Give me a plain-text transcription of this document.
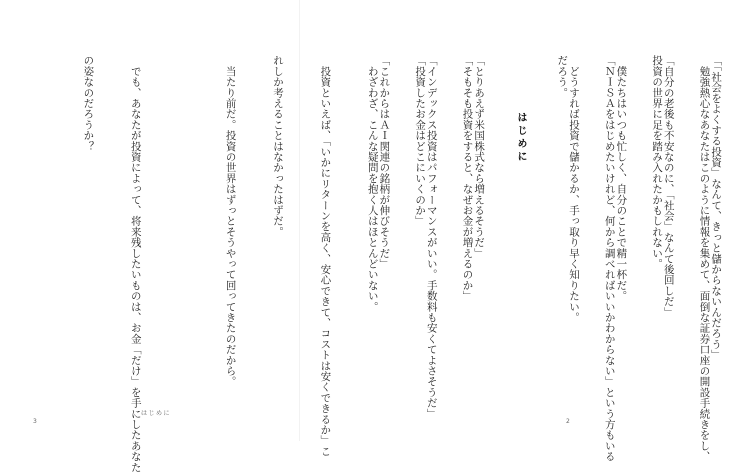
はじめに

	「「社会をよくする投資」なんて、きっと儲からないんだろう」

「自分の老後も不安なのに、「社会」なんて後回しだ」

　僕たちはいつも忙しく、自分のことで精一杯だ。

　どうすれば投資で儲かるか、手っ取り早く知りたい。

「とりあえず米国株式なら増えるそうだ」

「インデックス投資はパフォーマンスがいい。手数料も安くてよさそうだ」

「これからはＡＩ関連の銘柄が伸びそうだ」

	　勉強熱心なあなたはこのように情報を集めて、面倒な証券口座の開設手続きをし、

投資の世界に足を踏み入れたかもしれない。

「ＮＩＳＡをはじめたいけれど、何から調べればいいかわからない」という方もいる

だろう。

「そもそも投資をすると、なぜお金が増えるのか」

「投資したお金はどこにいくのか」

　わざわざ、こんな疑問を抱く人はほとんどいない。

　投資といえば、「いかにリターンを高く、安心できて、コストは安くできるか」こ

れしか考えることはなかったはずだ。

　当たり前だ。投資の世界はずっとそうやって回ってきたのだから。

　でも、あなたが投資によって、将来残したいものは、お金「だけ」を手にしたあなた

の姿なのだろうか？

はじめに
3	2
